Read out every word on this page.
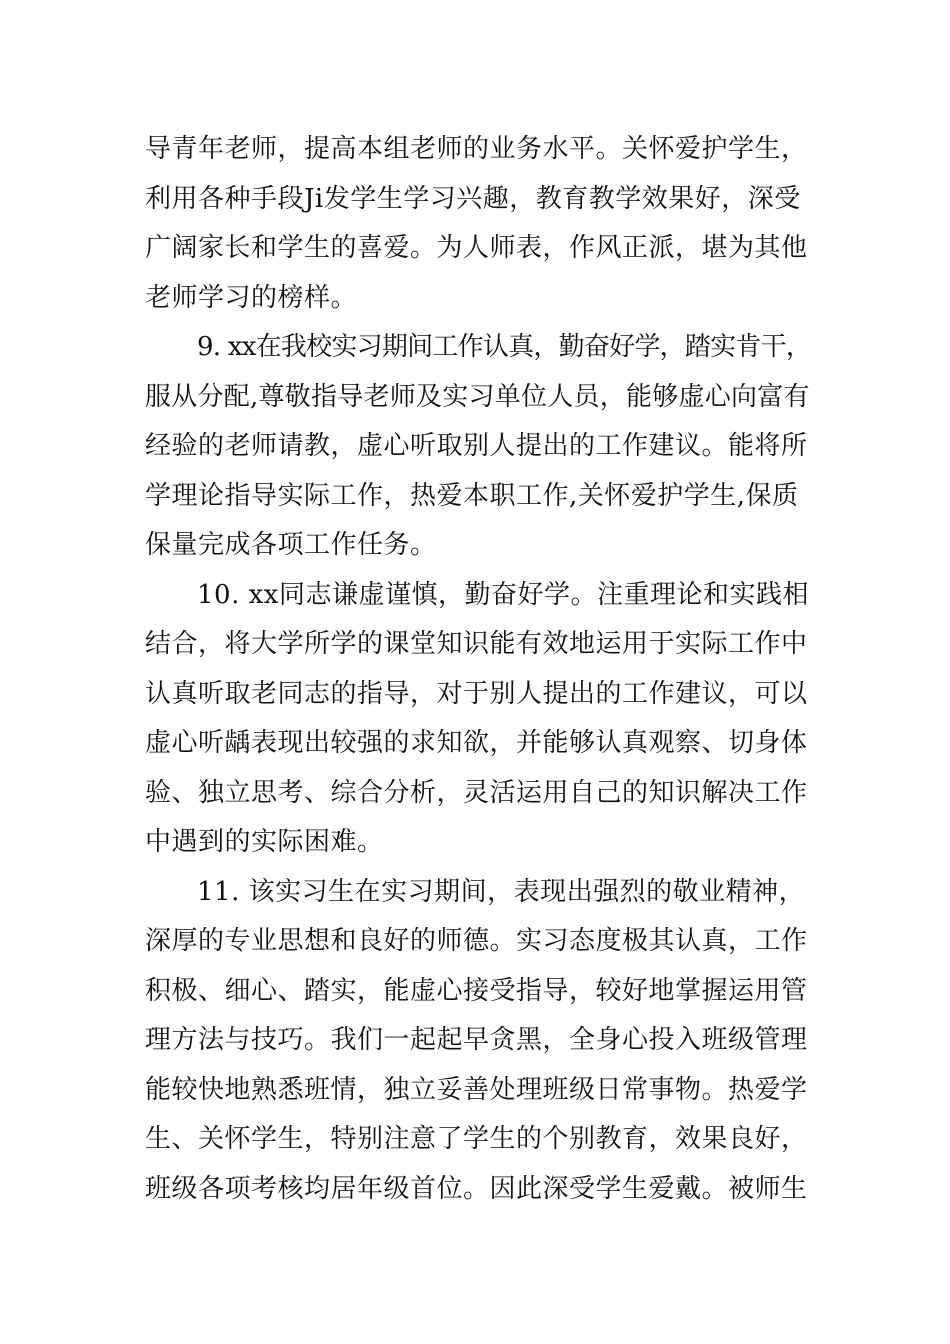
导青年老师，提高本组老师的业务水平。关怀爱护学生，
利用各种手段Ji发学生学习兴趣，教育教学效果好，深受
广阔家长和学生的喜爱。为人师表，作风正派，堪为其他
老师学习的榜样。
9. xx在我校实习期间工作认真，勤奋好学，踏实肯干，
服从分配,尊敬指导老师及实习单位人员，能够虚心向富有
经验的老师请教，虚心听取别人提出的工作建议。能将所
学理论指导实际工作，热爱本职工作,关怀爱护学生,保质
保量完成各项工作任务。
10. xx同志谦虚谨慎，勤奋好学。注重理论和实践相
结合，将大学所学的课堂知识能有效地运用于实际工作中
认真听取老同志的指导，对于别人提出的工作建议，可以
虚心听龋表现出较强的求知欲，并能够认真观察、切身体
验、独立思考、综合分析，灵活运用自己的知识解决工作
中遇到的实际困难。
11. 该实习生在实习期间，表现出强烈的敬业精神，
深厚的专业思想和良好的师德。实习态度极其认真，工作
积极、细心、踏实，能虚心接受指导，较好地掌握运用管
理方法与技巧。我们一起起早贪黑，全身心投入班级管理
能较快地熟悉班情，独立妥善处理班级日常事物。热爱学
生、关怀学生，特别注意了学生的个别教育，效果良好，
班级各项考核均居年级首位。因此深受学生爱戴。被师生
